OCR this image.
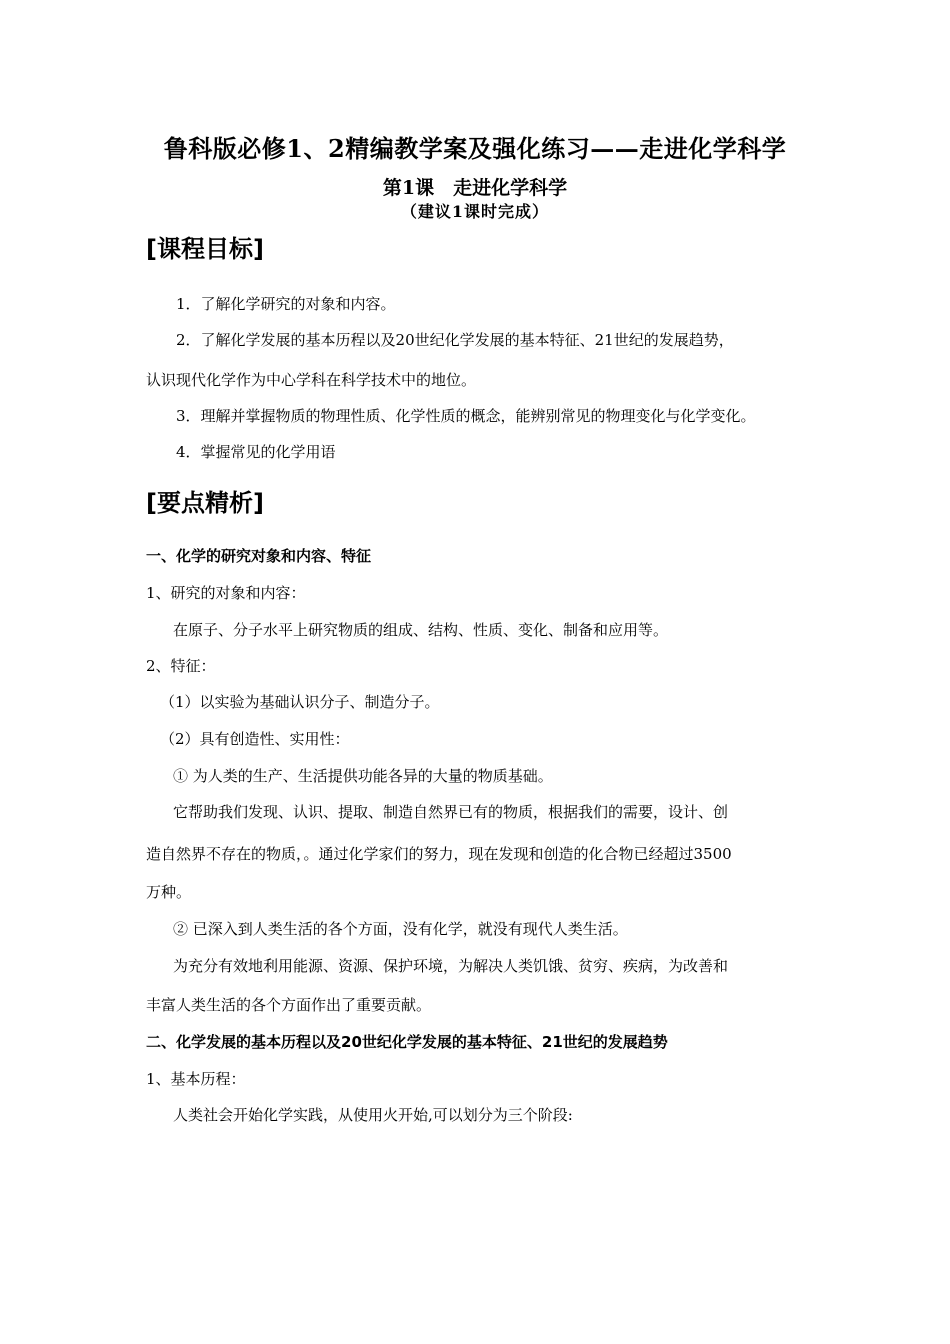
鲁科版必修1、2精编教学案及强化练习——走进化学科学
第1课　走进化学科学
（建议1课时完成）
[课程目标]
1．了解化学研究的对象和内容。
2．了解化学发展的基本历程以及20世纪化学发展的基本特征、21世纪的发展趋势，
认识现代化学作为中心学科在科学技术中的地位。
3．理解并掌握物质的物理性质、化学性质的概念，能辨别常见的物理变化与化学变化。
4．掌握常见的化学用语
[要点精析]
一、化学的研究对象和内容、特征
1、研究的对象和内容：
在原子、分子水平上研究物质的组成、结构、性质、变化、制备和应用等。
2、特征：
（1）以实验为基础认识分子、制造分子。
（2）具有创造性、实用性：
① 为人类的生产、生活提供功能各异的大量的物质基础。
它帮助我们发现、认识、提取、制造自然界已有的物质，根据我们的需要，设计、创
造自然界不存在的物质，。通过化学家们的努力，现在发现和创造的化合物已经超过3500
万种。
② 已深入到人类生活的各个方面，没有化学，就没有现代人类生活。
为充分有效地利用能源、资源、保护环境，为解决人类饥饿、贫穷、疾病，为改善和
丰富人类生活的各个方面作出了重要贡献。
二、化学发展的基本历程以及20世纪化学发展的基本特征、21世纪的发展趋势
1、基本历程：
人类社会开始化学实践，从使用火开始,可以划分为三个阶段:
